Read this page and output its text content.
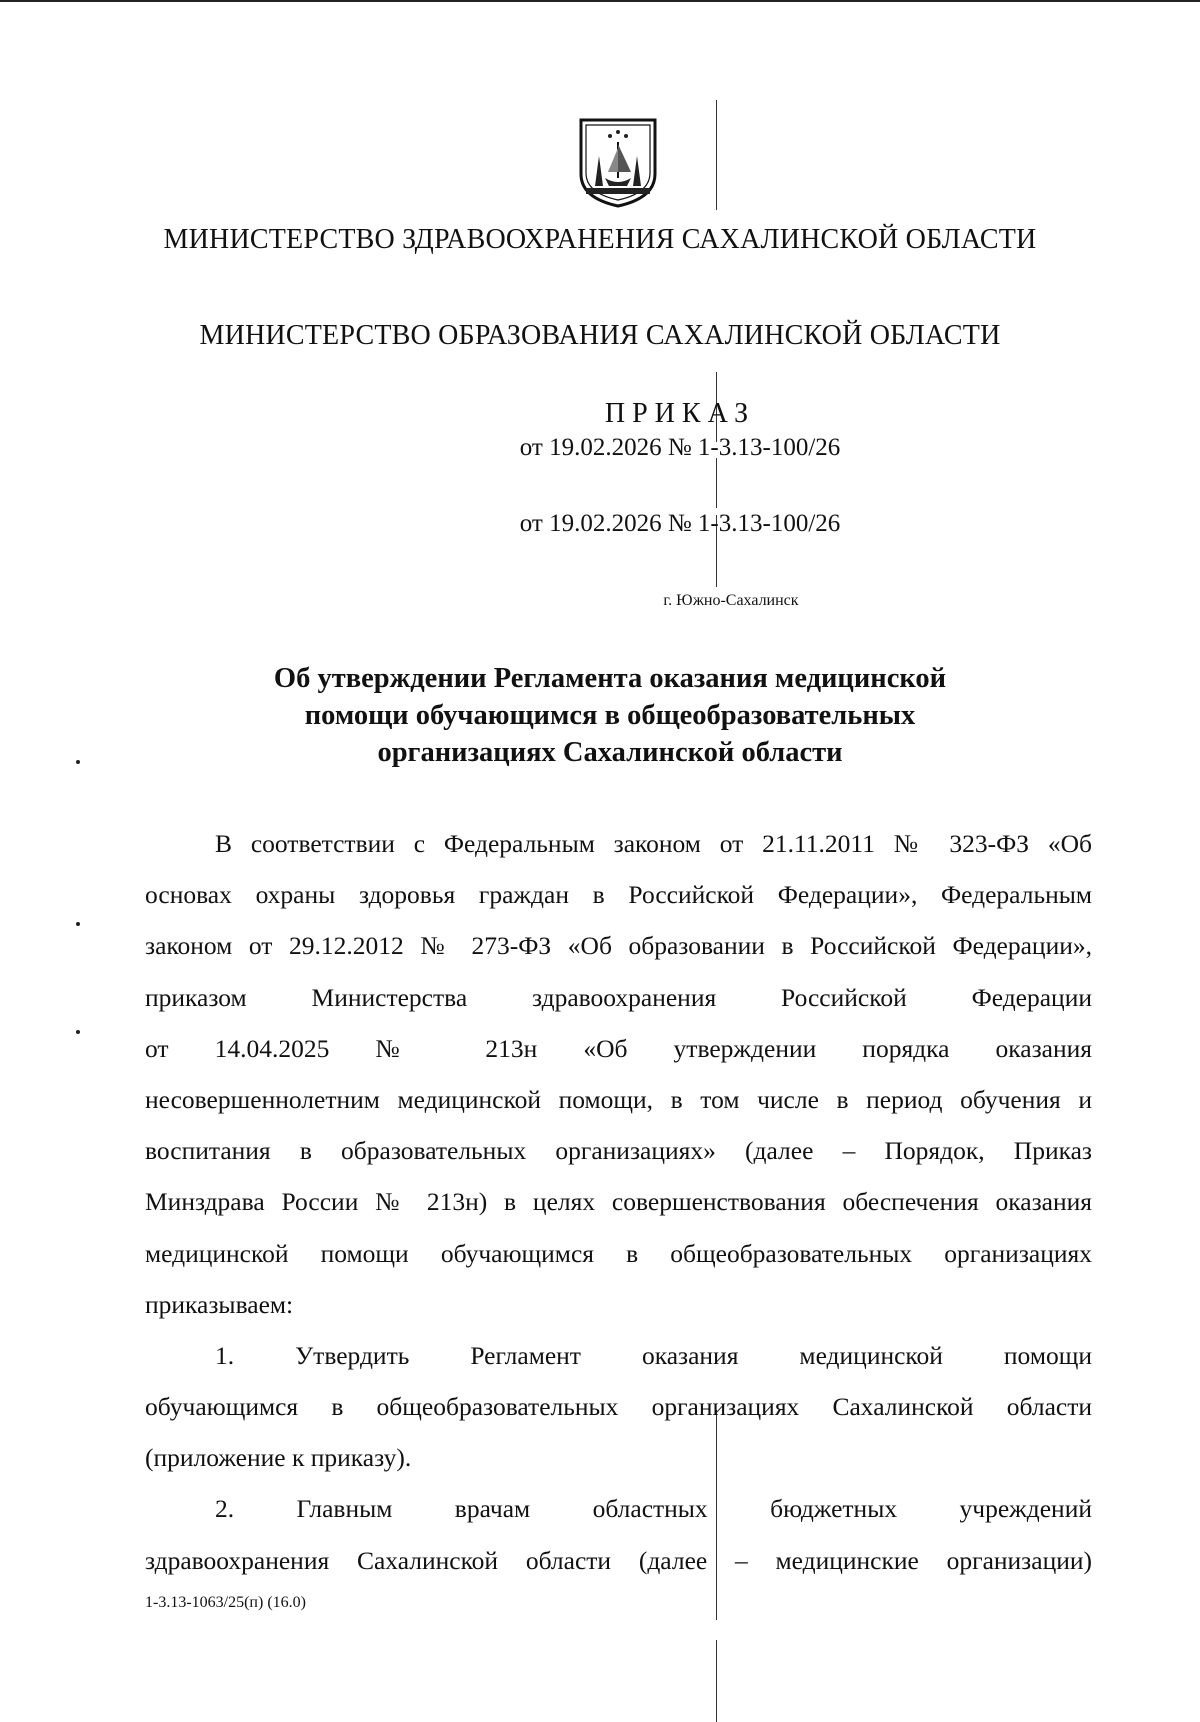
МИНИСТЕРСТВО ЗДРАВООХРАНЕНИЯ САХАЛИНСКОЙ ОБЛАСТИ
МИНИСТЕРСТВО ОБРАЗОВАНИЯ САХАЛИНСКОЙ ОБЛАСТИ
ПРИКАЗ
от 19.02.2026 № 1-3.13-100/26
от 19.02.2026 № 1-3.13-100/26
г. Южно-Сахалинск
Об утверждении Регламента оказания медицинской
помощи обучающимся в общеобразовательных
организациях Сахалинской области
В соответствии с Федеральным законом от 21.11.2011 № 323-ФЗ «Об
основах охраны здоровья граждан в Российской Федерации», Федеральным
законом от 29.12.2012 № 273-ФЗ «Об образовании в Российской Федерации»,
приказом Министерства здравоохранения Российской Федерации
от 14.04.2025 № 213н «Об утверждении порядка оказания
несовершеннолетним медицинской помощи, в том числе в период обучения и
воспитания в образовательных организациях» (далее – Порядок, Приказ
Минздрава России № 213н) в целях совершенствования обеспечения оказания
медицинской помощи обучающимся в общеобразовательных организациях
приказываем:
1. Утвердить Регламент оказания медицинской помощи
обучающимся в общеобразовательных организациях Сахалинской области
(приложение к приказу).
2. Главным врачам областных бюджетных учреждений
здравоохранения Сахалинской области (далее – медицинские организации)
1-3.13-1063/25(п) (16.0)
